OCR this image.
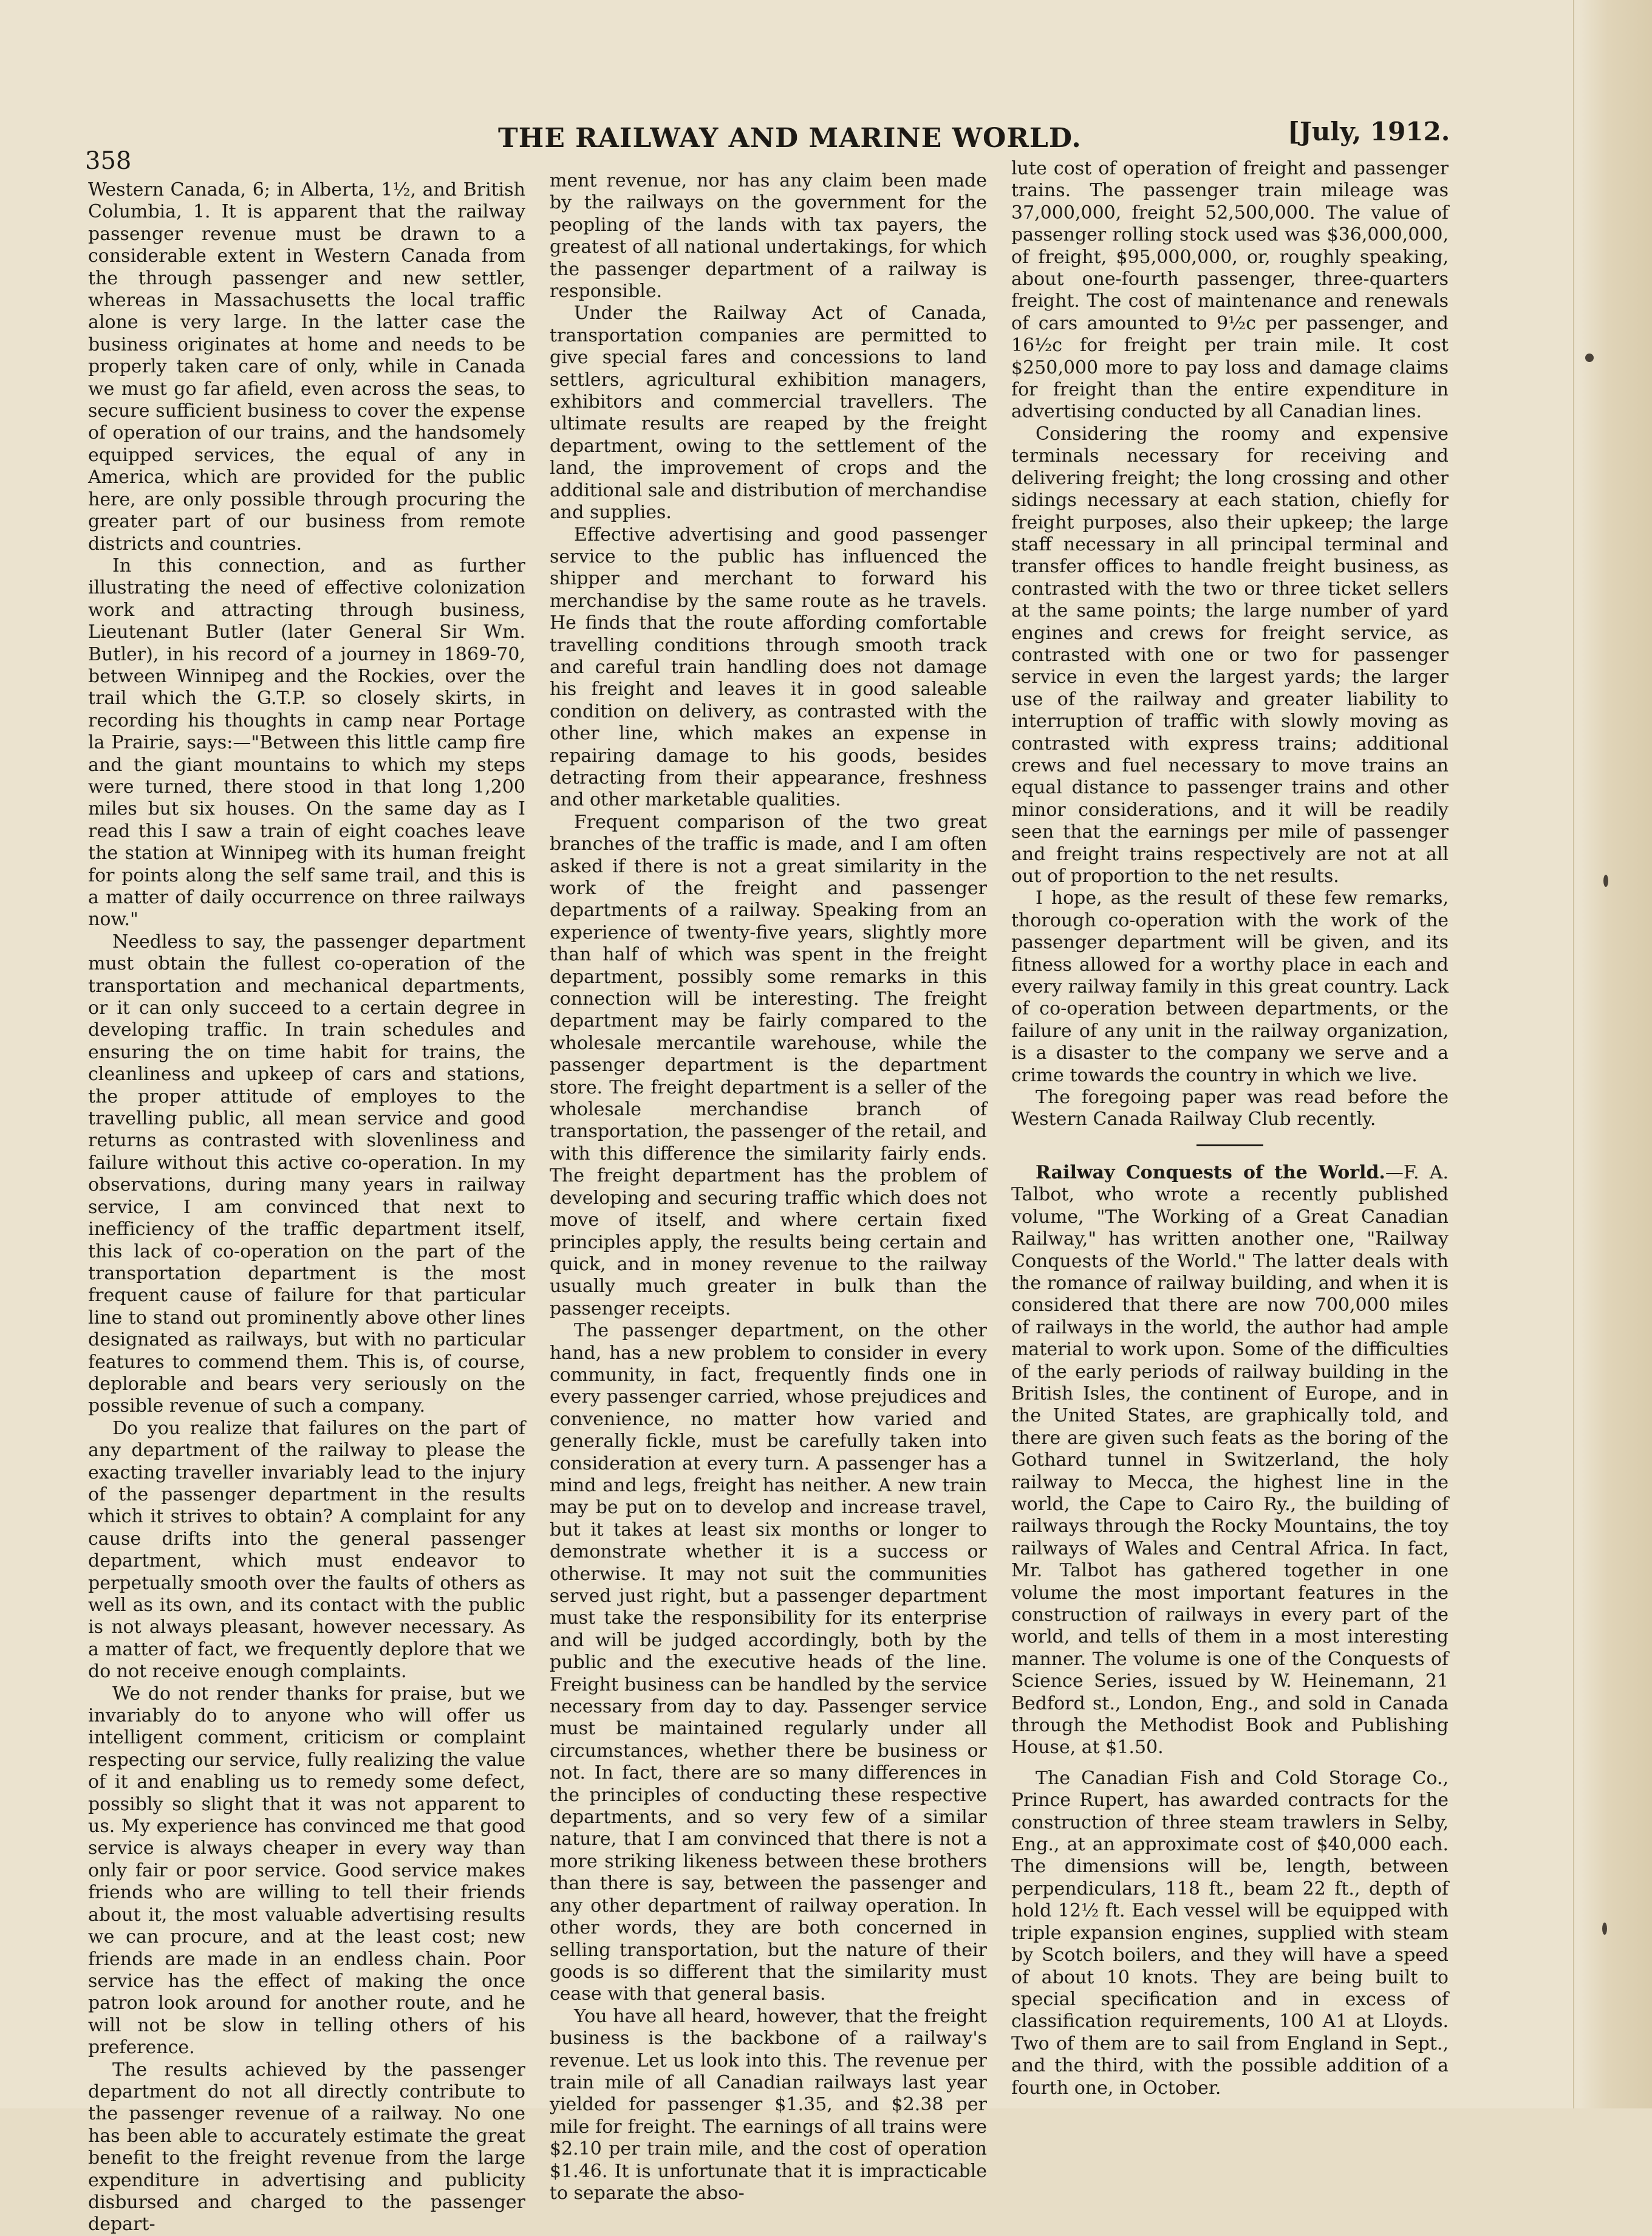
358
THE RAILWAY AND MARINE WORLD.	[July, 1912.

Western Canada, 6; in Alberta, 1½, and British Columbia, 1. It is apparent that the railway passenger revenue must be drawn to a considerable extent in Western Canada from the through passenger and new settler, whereas in Massachusetts the local traffic alone is very large. In the latter case the business originates at home and needs to be properly taken care of only, while in Canada we must go far afield, even across the seas, to secure sufficient business to cover the expense of operation of our trains, and the handsomely equipped services, the equal of any in America, which are provided for the public here, are only possible through procuring the greater part of our business from remote districts and countries.

In this connection, and as further illustrating the need of effective colonization work and attracting through business, Lieutenant Butler (later General Sir Wm. Butler), in his record of a journey in 1869-70, between Winnipeg and the Rockies, over the trail which the G.T.P. so closely skirts, in recording his thoughts in camp near Portage la Prairie, says:—"Between this little camp fire and the giant mountains to which my steps were turned, there stood in that long 1,200 miles but six houses. On the same day as I read this I saw a train of eight coaches leave the station at Winnipeg with its human freight for points along the self same trail, and this is a matter of daily occurrence on three railways now."

Needless to say, the passenger department must obtain the fullest co-operation of the transportation and mechanical departments, or it can only succeed to a certain degree in developing traffic. In train schedules and ensuring the on time habit for trains, the cleanliness and upkeep of cars and stations, the proper attitude of employes to the travelling public, all mean service and good returns as contrasted with slovenliness and failure without this active co-operation. In my observations, during many years in railway service, I am convinced that next to inefficiency of the traffic department itself, this lack of co-operation on the part of the transportation department is the most frequent cause of failure for that particular line to stand out prominently above other lines designated as railways, but with no particular features to commend them. This is, of course, deplorable and bears very seriously on the possible revenue of such a company.

Do you realize that failures on the part of any department of the railway to please the exacting traveller invariably lead to the injury of the passenger department in the results which it strives to obtain? A complaint for any cause drifts into the general passenger department, which must endeavor to perpetually smooth over the faults of others as well as its own, and its contact with the public is not always pleasant, however necessary. As a matter of fact, we frequently deplore that we do not receive enough complaints.

We do not render thanks for praise, but we invariably do to anyone who will offer us intelligent comment, criticism or complaint respecting our service, fully realizing the value of it and enabling us to remedy some defect, possibly so slight that it was not apparent to us. My experience has convinced me that good service is always cheaper in every way than only fair or poor service. Good service makes friends who are willing to tell their friends about it, the most valuable advertising results we can procure, and at the least cost; new friends are made in an endless chain. Poor service has the effect of making the once patron look around for another route, and he will not be slow in telling others of his preference.

The results achieved by the passenger department do not all directly contribute to the passenger revenue of a railway. No one has been able to accurately estimate the great benefit to the freight revenue from the large expenditure in advertising and publicity disbursed and charged to the passenger depart-

ment revenue, nor has any claim been made by the railways on the government for the peopling of the lands with tax payers, the greatest of all national undertakings, for which the passenger department of a railway is responsible.

Under the Railway Act of Canada, transportation companies are permitted to give special fares and concessions to land settlers, agricultural exhibition managers, exhibitors and commercial travellers. The ultimate results are reaped by the freight department, owing to the settlement of the land, the improvement of crops and the additional sale and distribution of merchandise and supplies.

Effective advertising and good passenger service to the public has influenced the shipper and merchant to forward his merchandise by the same route as he travels. He finds that the route affording comfortable travelling conditions through smooth track and careful train handling does not damage his freight and leaves it in good saleable condition on delivery, as contrasted with the other line, which makes an expense in repairing damage to his goods, besides detracting from their appearance, freshness and other marketable qualities.

Frequent comparison of the two great branches of the traffic is made, and I am often asked if there is not a great similarity in the work of the freight and passenger departments of a railway. Speaking from an experience of twenty-five years, slightly more than half of which was spent in the freight department, possibly some remarks in this connection will be interesting. The freight department may be fairly compared to the wholesale mercantile warehouse, while the passenger department is the department store. The freight department is a seller of the wholesale merchandise branch of transportation, the passenger of the retail, and with this difference the similarity fairly ends. The freight department has the problem of developing and securing traffic which does not move of itself, and where certain fixed principles apply, the results being certain and quick, and in money revenue to the railway usually much greater in bulk than the passenger receipts.

The passenger department, on the other hand, has a new problem to consider in every community, in fact, frequently finds one in every passenger carried, whose prejudices and convenience, no matter how varied and generally fickle, must be carefully taken into consideration at every turn. A passenger has a mind and legs, freight has neither. A new train may be put on to develop and increase travel, but it takes at least six months or longer to demonstrate whether it is a success or otherwise. It may not suit the communities served just right, but a passenger department must take the responsibility for its enterprise and will be judged accordingly, both by the public and the executive heads of the line. Freight business can be handled by the service necessary from day to day. Passenger service must be maintained regularly under all circumstances, whether there be business or not. In fact, there are so many differences in the principles of conducting these respective departments, and so very few of a similar nature, that I am convinced that there is not a more striking likeness between these brothers than there is say, between the passenger and any other department of railway operation. In other words, they are both concerned in selling transportation, but the nature of their goods is so different that the similarity must cease with that general basis.

You have all heard, however, that the freight business is the backbone of a railway's revenue. Let us look into this. The revenue per train mile of all Canadian railways last year yielded for passenger $1.35, and $2.38 per mile for freight. The earnings of all trains were $2.10 per train mile, and the cost of operation $1.46. It is unfortunate that it is impracticable to separate the abso-

lute cost of operation of freight and passenger trains. The passenger train mileage was 37,000,000, freight 52,500,000. The value of passenger rolling stock used was $36,000,000, of freight, $95,000,000, or, roughly speaking, about one-fourth passenger, three-quarters freight. The cost of maintenance and renewals of cars amounted to 9½c per passenger, and 16½c for freight per train mile. It cost $250,000 more to pay loss and damage claims for freight than the entire expenditure in advertising conducted by all Canadian lines.

Considering the roomy and expensive terminals necessary for receiving and delivering freight; the long crossing and other sidings necessary at each station, chiefly for freight purposes, also their upkeep; the large staff necessary in all principal terminal and transfer offices to handle freight business, as contrasted with the two or three ticket sellers at the same points; the large number of yard engines and crews for freight service, as contrasted with one or two for passenger service in even the largest yards; the larger use of the railway and greater liability to interruption of traffic with slowly moving as contrasted with express trains; additional crews and fuel necessary to move trains an equal distance to passenger trains and other minor considerations, and it will be readily seen that the earnings per mile of passenger and freight trains respectively are not at all out of proportion to the net results.

I hope, as the result of these few remarks, thorough co-operation with the work of the passenger department will be given, and its fitness allowed for a worthy place in each and every railway family in this great country. Lack of co-operation between departments, or the failure of any unit in the railway organization, is a disaster to the company we serve and a crime towards the country in which we live.

The foregoing paper was read before the Western Canada Railway Club recently.

Railway Conquests of the World.—F. A. Talbot, who wrote a recently published volume, "The Working of a Great Canadian Railway," has written another one, "Railway Conquests of the World." The latter deals with the romance of railway building, and when it is considered that there are now 700,000 miles of railways in the world, the author had ample material to work upon. Some of the difficulties of the early periods of railway building in the British Isles, the continent of Europe, and in the United States, are graphically told, and there are given such feats as the boring of the Gothard tunnel in Switzerland, the holy railway to Mecca, the highest line in the world, the Cape to Cairo Ry., the building of railways through the Rocky Mountains, the toy railways of Wales and Central Africa. In fact, Mr. Talbot has gathered together in one volume the most important features in the construction of railways in every part of the world, and tells of them in a most interesting manner. The volume is one of the Conquests of Science Series, issued by W. Heinemann, 21 Bedford st., London, Eng., and sold in Canada through the Methodist Book and Publishing House, at $1.50.

The Canadian Fish and Cold Storage Co., Prince Rupert, has awarded contracts for the construction of three steam trawlers in Selby, Eng., at an approximate cost of $40,000 each. The dimensions will be, length, between perpendiculars, 118 ft., beam 22 ft., depth of hold 12½ ft. Each vessel will be equipped with triple expansion engines, supplied with steam by Scotch boilers, and they will have a speed of about 10 knots. They are being built to special specification and in excess of classification requirements, 100 A1 at Lloyds. Two of them are to sail from England in Sept., and the third, with the possible addition of a fourth one, in October.
